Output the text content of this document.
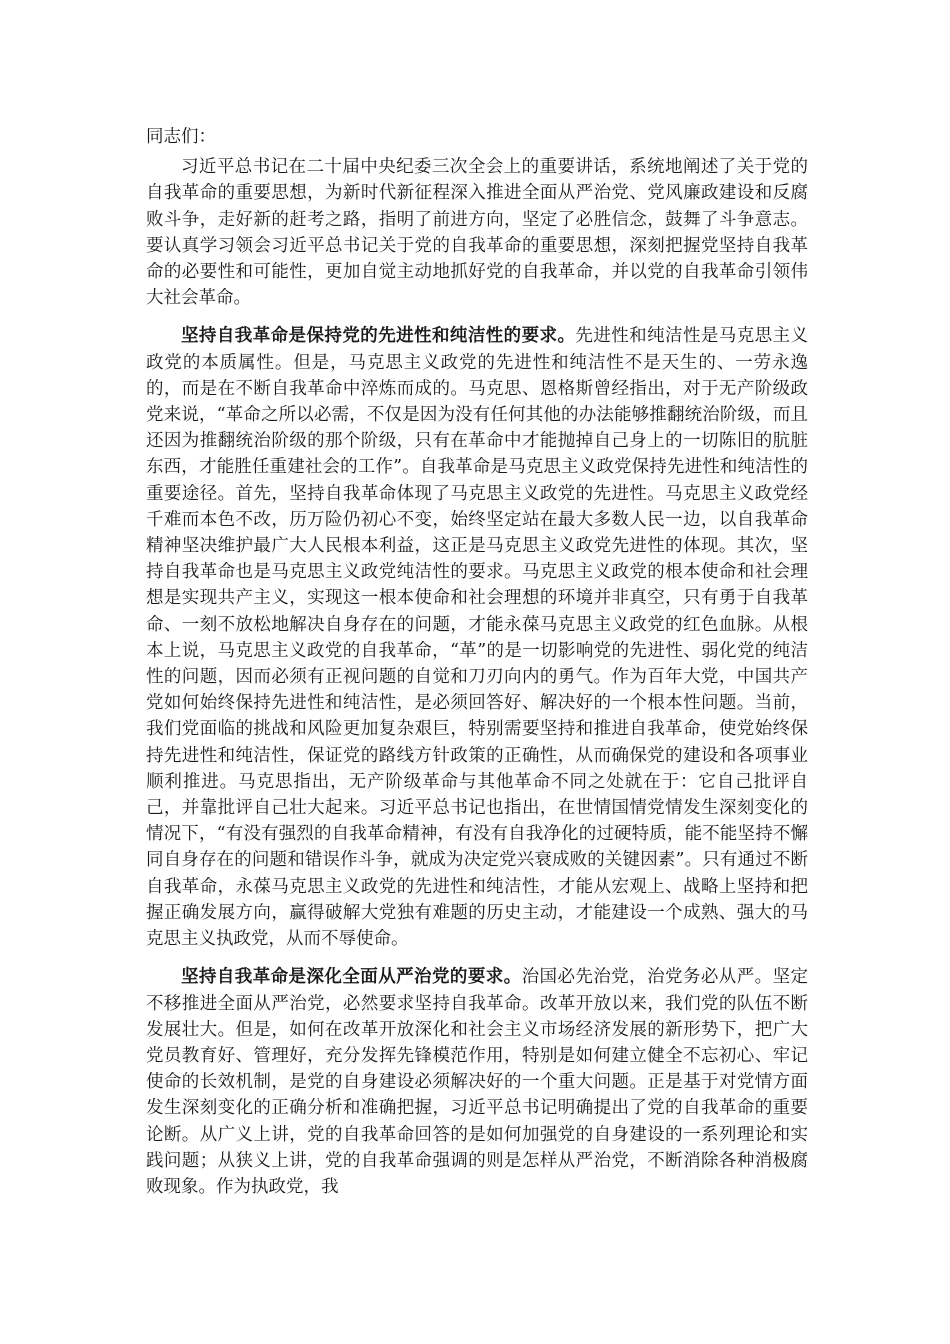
同志们：

习近平总书记在二十届中央纪委三次全会上的重要讲话，系统地阐述了关于党的自我革命的重要思想，为新时代新征程深入推进全面从严治党、党风廉政建设和反腐败斗争，走好新的赶考之路，指明了前进方向，坚定了必胜信念，鼓舞了斗争意志。要认真学习领会习近平总书记关于党的自我革命的重要思想，深刻把握党坚持自我革命的必要性和可能性，更加自觉主动地抓好党的自我革命，并以党的自我革命引领伟大社会革命。

坚持自我革命是保持党的先进性和纯洁性的要求。先进性和纯洁性是马克思主义政党的本质属性。但是，马克思主义政党的先进性和纯洁性不是天生的、一劳永逸的，而是在不断自我革命中淬炼而成的。马克思、恩格斯曾经指出，对于无产阶级政党来说，“革命之所以必需，不仅是因为没有任何其他的办法能够推翻统治阶级，而且还因为推翻统治阶级的那个阶级，只有在革命中才能抛掉自己身上的一切陈旧的肮脏东西，才能胜任重建社会的工作”。自我革命是马克思主义政党保持先进性和纯洁性的重要途径。首先，坚持自我革命体现了马克思主义政党的先进性。马克思主义政党经千难而本色不改，历万险仍初心不变，始终坚定站在最大多数人民一边，以自我革命精神坚决维护最广大人民根本利益，这正是马克思主义政党先进性的体现。其次，坚持自我革命也是马克思主义政党纯洁性的要求。马克思主义政党的根本使命和社会理想是实现共产主义，实现这一根本使命和社会理想的环境并非真空，只有勇于自我革命、一刻不放松地解决自身存在的问题，才能永葆马克思主义政党的红色血脉。从根本上说，马克思主义政党的自我革命，“革”的是一切影响党的先进性、弱化党的纯洁性的问题，因而必须有正视问题的自觉和刀刃向内的勇气。作为百年大党，中国共产党如何始终保持先进性和纯洁性，是必须回答好、解决好的一个根本性问题。当前，我们党面临的挑战和风险更加复杂艰巨，特别需要坚持和推进自我革命，使党始终保持先进性和纯洁性，保证党的路线方针政策的正确性，从而确保党的建设和各项事业顺利推进。马克思指出，无产阶级革命与其他革命不同之处就在于：它自己批评自己，并靠批评自己壮大起来。习近平总书记也指出，在世情国情党情发生深刻变化的情况下，“有没有强烈的自我革命精神，有没有自我净化的过硬特质，能不能坚持不懈同自身存在的问题和错误作斗争，就成为决定党兴衰成败的关键因素”。只有通过不断自我革命，永葆马克思主义政党的先进性和纯洁性，才能从宏观上、战略上坚持和把握正确发展方向，赢得破解大党独有难题的历史主动，才能建设一个成熟、强大的马克思主义执政党，从而不辱使命。

坚持自我革命是深化全面从严治党的要求。治国必先治党，治党务必从严。坚定不移推进全面从严治党，必然要求坚持自我革命。改革开放以来，我们党的队伍不断发展壮大。但是，如何在改革开放深化和社会主义市场经济发展的新形势下，把广大党员教育好、管理好，充分发挥先锋模范作用，特别是如何建立健全不忘初心、牢记使命的长效机制，是党的自身建设必须解决好的一个重大问题。正是基于对党情方面发生深刻变化的正确分析和准确把握，习近平总书记明确提出了党的自我革命的重要论断。从广义上讲，党的自我革命回答的是如何加强党的自身建设的一系列理论和实践问题；从狭义上讲，党的自我革命强调的则是怎样从严治党，不断消除各种消极腐败现象。作为执政党，我
